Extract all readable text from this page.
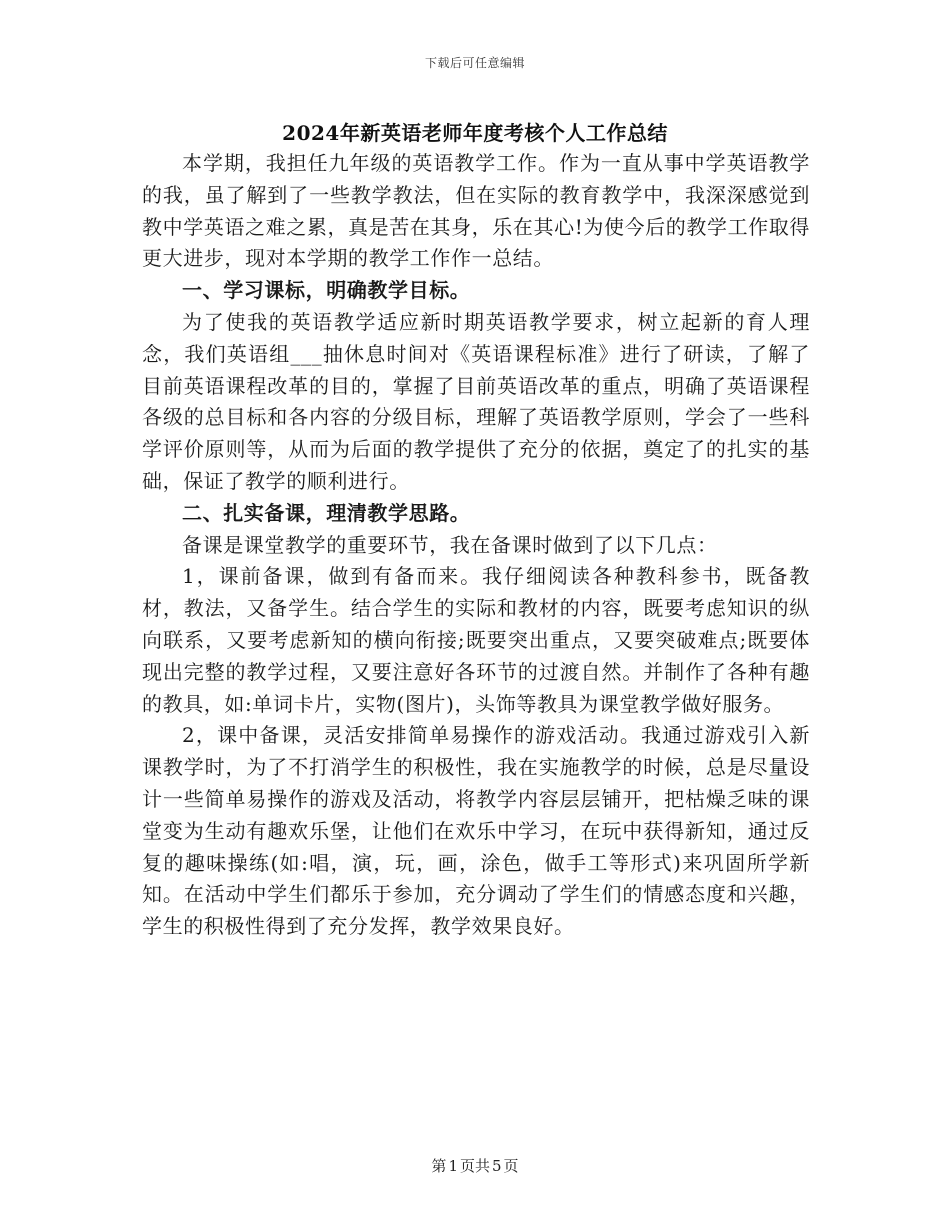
下载后可任意编辑
2024年新英语老师年度考核个人工作总结

本学期，我担任九年级的英语教学工作。作为一直从事中学英语教学的我，虽了解到了一些教学教法，但在实际的教育教学中，我深深感觉到教中学英语之难之累，真是苦在其身，乐在其心!为使今后的教学工作取得更大进步，现对本学期的教学工作作一总结。

一、学习课标，明确教学目标。

为了使我的英语教学适应新时期英语教学要求，树立起新的育人理念，我们英语组___抽休息时间对《英语课程标准》进行了研读，了解了目前英语课程改革的目的，掌握了目前英语改革的重点，明确了英语课程各级的总目标和各内容的分级目标，理解了英语教学原则，学会了一些科学评价原则等，从而为后面的教学提供了充分的依据，奠定了的扎实的基础，保证了教学的顺利进行。

二、扎实备课，理清教学思路。

备课是课堂教学的重要环节，我在备课时做到了以下几点：

1，课前备课，做到有备而来。我仔细阅读各种教科参书，既备教材，教法，又备学生。结合学生的实际和教材的内容，既要考虑知识的纵向联系，又要考虑新知的横向衔接;既要突出重点，又要突破难点;既要体现出完整的教学过程，又要注意好各环节的过渡自然。并制作了各种有趣的教具，如:单词卡片，实物(图片)，头饰等教具为课堂教学做好服务。

2，课中备课，灵活安排简单易操作的游戏活动。我通过游戏引入新课教学时，为了不打消学生的积极性，我在实施教学的时候，总是尽量设计一些简单易操作的游戏及活动，将教学内容层层铺开，把枯燥乏味的课堂变为生动有趣欢乐堡，让他们在欢乐中学习，在玩中获得新知，通过反复的趣味操练(如:唱，演，玩，画，涂色，做手工等形式)来巩固所学新知。在活动中学生们都乐于参加，充分调动了学生们的情感态度和兴趣，学生的积极性得到了充分发挥，教学效果良好。

第 1 页共 5 页
